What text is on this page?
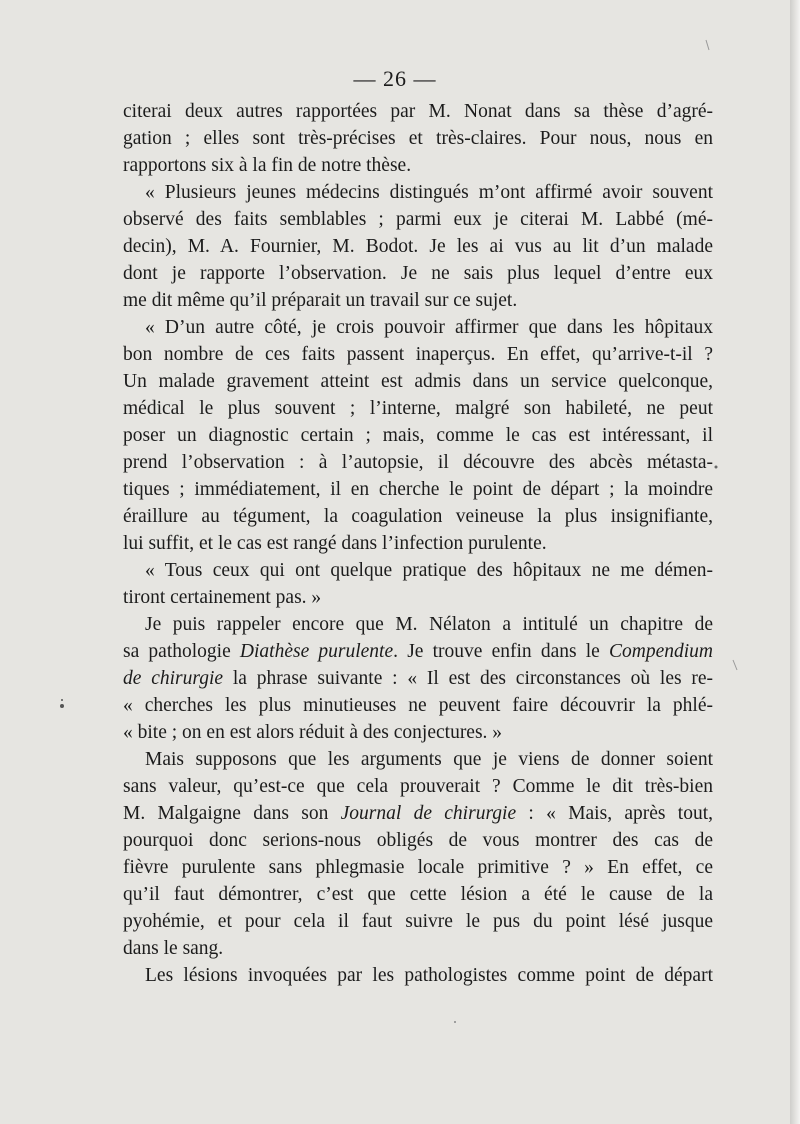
— 26 —
citerai deux autres rapportées par M. Nonat dans sa thèse d’agré-
gation ; elles sont très-précises et très-claires. Pour nous, nous en
rapportons six à la fin de notre thèse.
« Plusieurs jeunes médecins distingués m’ont affirmé avoir souvent
observé des faits semblables ; parmi eux je citerai M. Labbé (mé-
decin), M. A. Fournier, M. Bodot. Je les ai vus au lit d’un malade
dont je rapporte l’observation. Je ne sais plus lequel d’entre eux
me dit même qu’il préparait un travail sur ce sujet.
« D’un autre côté, je crois pouvoir affirmer que dans les hôpitaux
bon nombre de ces faits passent inaperçus. En effet, qu’arrive-t-il ?
Un malade gravement atteint est admis dans un service quelconque,
médical le plus souvent ; l’interne, malgré son habileté, ne peut
poser un diagnostic certain ; mais, comme le cas est intéressant, il
prend l’observation : à l’autopsie, il découvre des abcès métasta-
tiques ; immédiatement, il en cherche le point de départ ; la moindre
éraillure au tégument, la coagulation veineuse la plus insignifiante,
lui suffit, et le cas est rangé dans l’infection purulente.
« Tous ceux qui ont quelque pratique des hôpitaux ne me démen-
tiront certainement pas. »
Je puis rappeler encore que M. Nélaton a intitulé un chapitre de
sa pathologie Diathèse purulente. Je trouve enfin dans le Compendium
de chirurgie la phrase suivante : « Il est des circonstances où les re-
« cherches les plus minutieuses ne peuvent faire découvrir la phlé-
« bite ; on en est alors réduit à des conjectures. »
Mais supposons que les arguments que je viens de donner soient
sans valeur, qu’est-ce que cela prouverait ? Comme le dit très-bien
M. Malgaigne dans son Journal de chirurgie : « Mais, après tout,
pourquoi donc serions-nous obligés de vous montrer des cas de
fièvre purulente sans phlegmasie locale primitive ? » En effet, ce
qu’il faut démontrer, c’est que cette lésion a été le cause de la
pyohémie, et pour cela il faut suivre le pus du point lésé jusque
dans le sang.
Les lésions invoquées par les pathologistes comme point de départ
